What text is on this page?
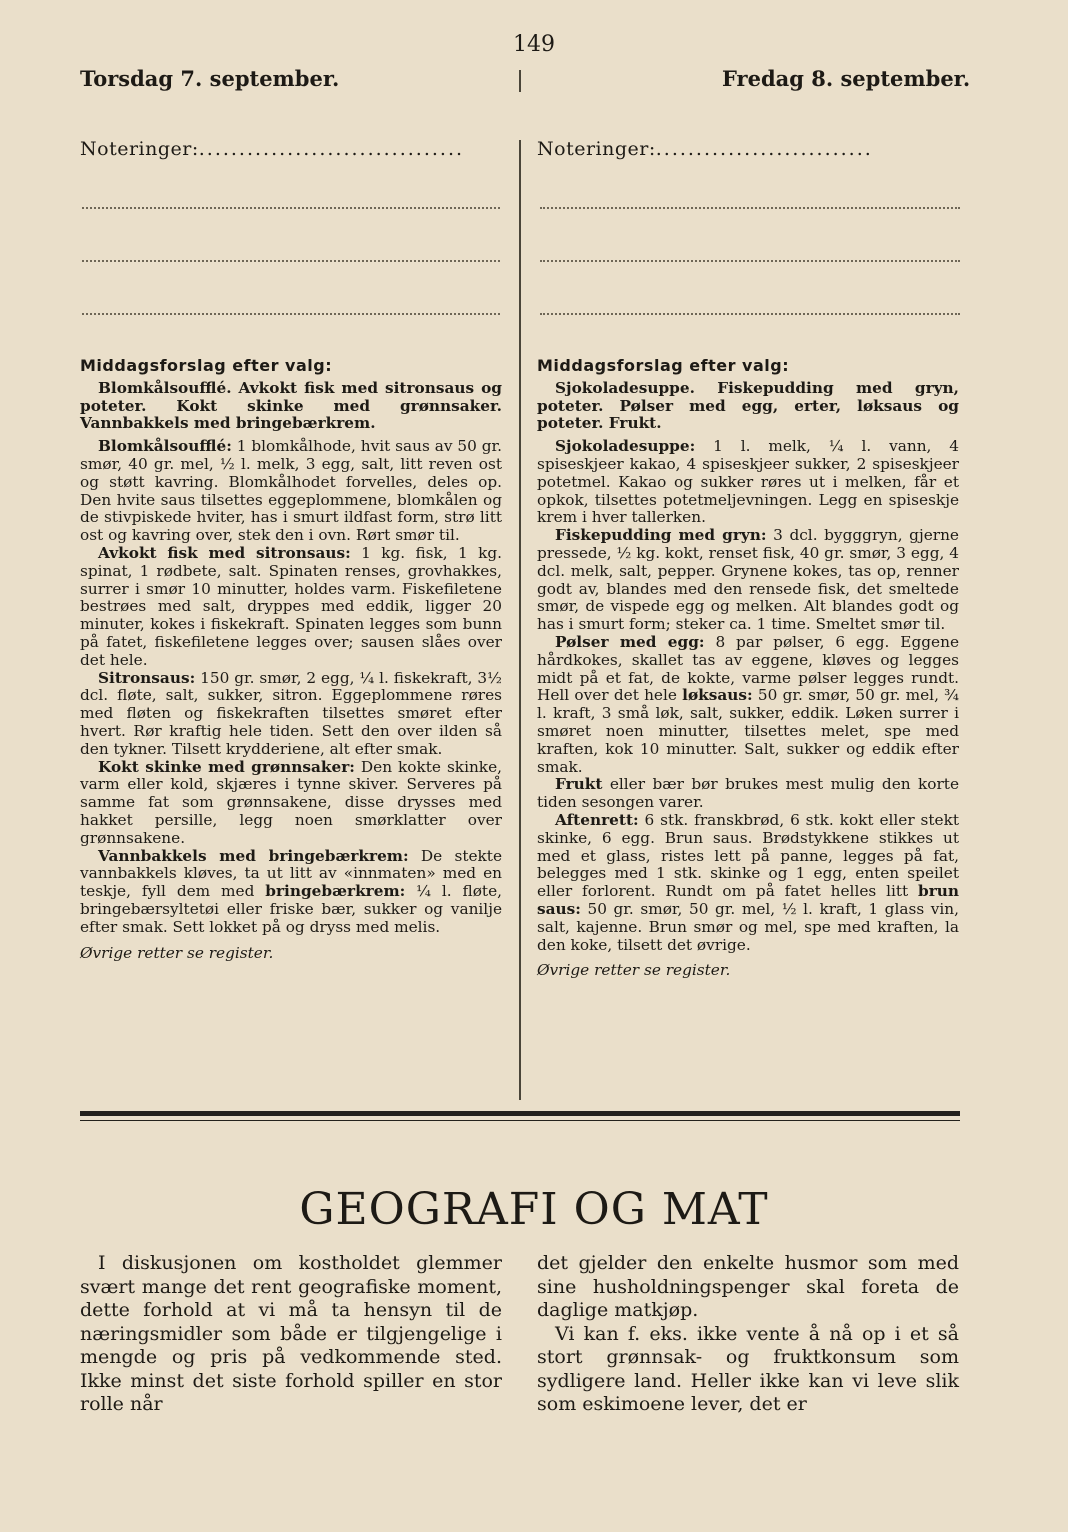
149
Torsdag 7. september.	Fredag 8. september.
Noteringer:.................................	Noteringer:...........................
Middagsforslag efter valg:

Blomkålsoufflé. Avkokt fisk med sitronsaus og poteter. Kokt skinke med grønnsaker. Vannbakkels med bringebærkrem.

Blomkålsoufflé: 1 blomkålhode, hvit saus av 50 gr. smør, 40 gr. mel, ½ l. melk, 3 egg, salt, litt reven ost og støtt kavring. Blomkålhodet forvelles, deles op. Den hvite saus tilsettes eggeplommene, blomkålen og de stivpiskede hviter, has i smurt ildfast form, strø litt ost og kavring over, stek den i ovn. Rørt smør til.

Avkokt fisk med sitronsaus: 1 kg. fisk, 1 kg. spinat, 1 rødbete, salt. Spinaten renses, grovhakkes, surrer i smør 10 minutter, holdes varm. Fiskefiletene bestrøes med salt, dryppes med eddik, ligger 20 minuter, kokes i fiskekraft. Spinaten legges som bunn på fatet, fiskefiletene legges over; sausen slåes over det hele.

Sitronsaus: 150 gr. smør, 2 egg, ¼ l. fiskekraft, 3½ dcl. fløte, salt, sukker, sitron. Eggeplommene røres med fløten og fiskekraften tilsettes smøret efter hvert. Rør kraftig hele tiden. Sett den over ilden så den tykner. Tilsett krydderiene, alt efter smak.

Kokt skinke med grønnsaker: Den kokte skinke, varm eller kold, skjæres i tynne skiver. Serveres på samme fat som grønnsakene, disse drysses med hakket persille, legg noen smørklatter over grønnsakene.

Vannbakkels med bringebærkrem: De stekte vannbakkels kløves, ta ut litt av «innmaten» med en teskje, fyll dem med bringebærkrem: ¼ l. fløte, bringebærsyltetøi eller friske bær, sukker og vanilje efter smak. Sett lokket på og dryss med melis.

Øvrige retter se register.

Middagsforslag efter valg:

Sjokoladesuppe. Fiskepudding med gryn, poteter. Pølser med egg, erter, løksaus og poteter. Frukt.

Sjokoladesuppe: 1 l. melk, ¼ l. vann, 4 spiseskjeer kakao, 4 spiseskjeer sukker, 2 spiseskjeer potetmel. Kakao og sukker røres ut i melken, får et opkok, tilsettes potetmeljevningen. Legg en spiseskje krem i hver tallerken.

Fiskepudding med gryn: 3 dcl. bygggryn, gjerne pressede, ½ kg. kokt, renset fisk, 40 gr. smør, 3 egg, 4 dcl. melk, salt, pepper. Grynene kokes, tas op, renner godt av, blandes med den rensede fisk, det smeltede smør, de vispede egg og melken. Alt blandes godt og has i smurt form; steker ca. 1 time. Smeltet smør til.

Pølser med egg: 8 par pølser, 6 egg. Eggene hårdkokes, skallet tas av eggene, kløves og legges midt på et fat, de kokte, varme pølser legges rundt. Hell over det hele løksaus: 50 gr. smør, 50 gr. mel, ¾ l. kraft, 3 små løk, salt, sukker, eddik. Løken surrer i smøret noen minutter, tilsettes melet, spe med kraften, kok 10 minutter. Salt, sukker og eddik efter smak.

Frukt eller bær bør brukes mest mulig den korte tiden sesongen varer.

Aftenrett: 6 stk. franskbrød, 6 stk. kokt eller stekt skinke, 6 egg. Brun saus. Brødstykkene stikkes ut med et glass, ristes lett på panne, legges på fat, belegges med 1 stk. skinke og 1 egg, enten speilet eller forlorent. Rundt om på fatet helles litt brun saus: 50 gr. smør, 50 gr. mel, ½ l. kraft, 1 glass vin, salt, kajenne. Brun smør og mel, spe med kraften, la den koke, tilsett det øvrige.

Øvrige retter se register.

GEOGRAFI OG MAT

I diskusjonen om kostholdet glemmer svært mange det rent geografiske moment, dette forhold at vi må ta hensyn til de næringsmidler som både er tilgjengelige i mengde og pris på vedkommende sted. Ikke minst det siste forhold spiller en stor rolle når

det gjelder den enkelte husmor som med sine husholdningspenger skal foreta de daglige matkjøp.

Vi kan f. eks. ikke vente å nå op i et så stort grønnsak- og fruktkonsum som sydligere land. Heller ikke kan vi leve slik som eskimoene lever, det er
